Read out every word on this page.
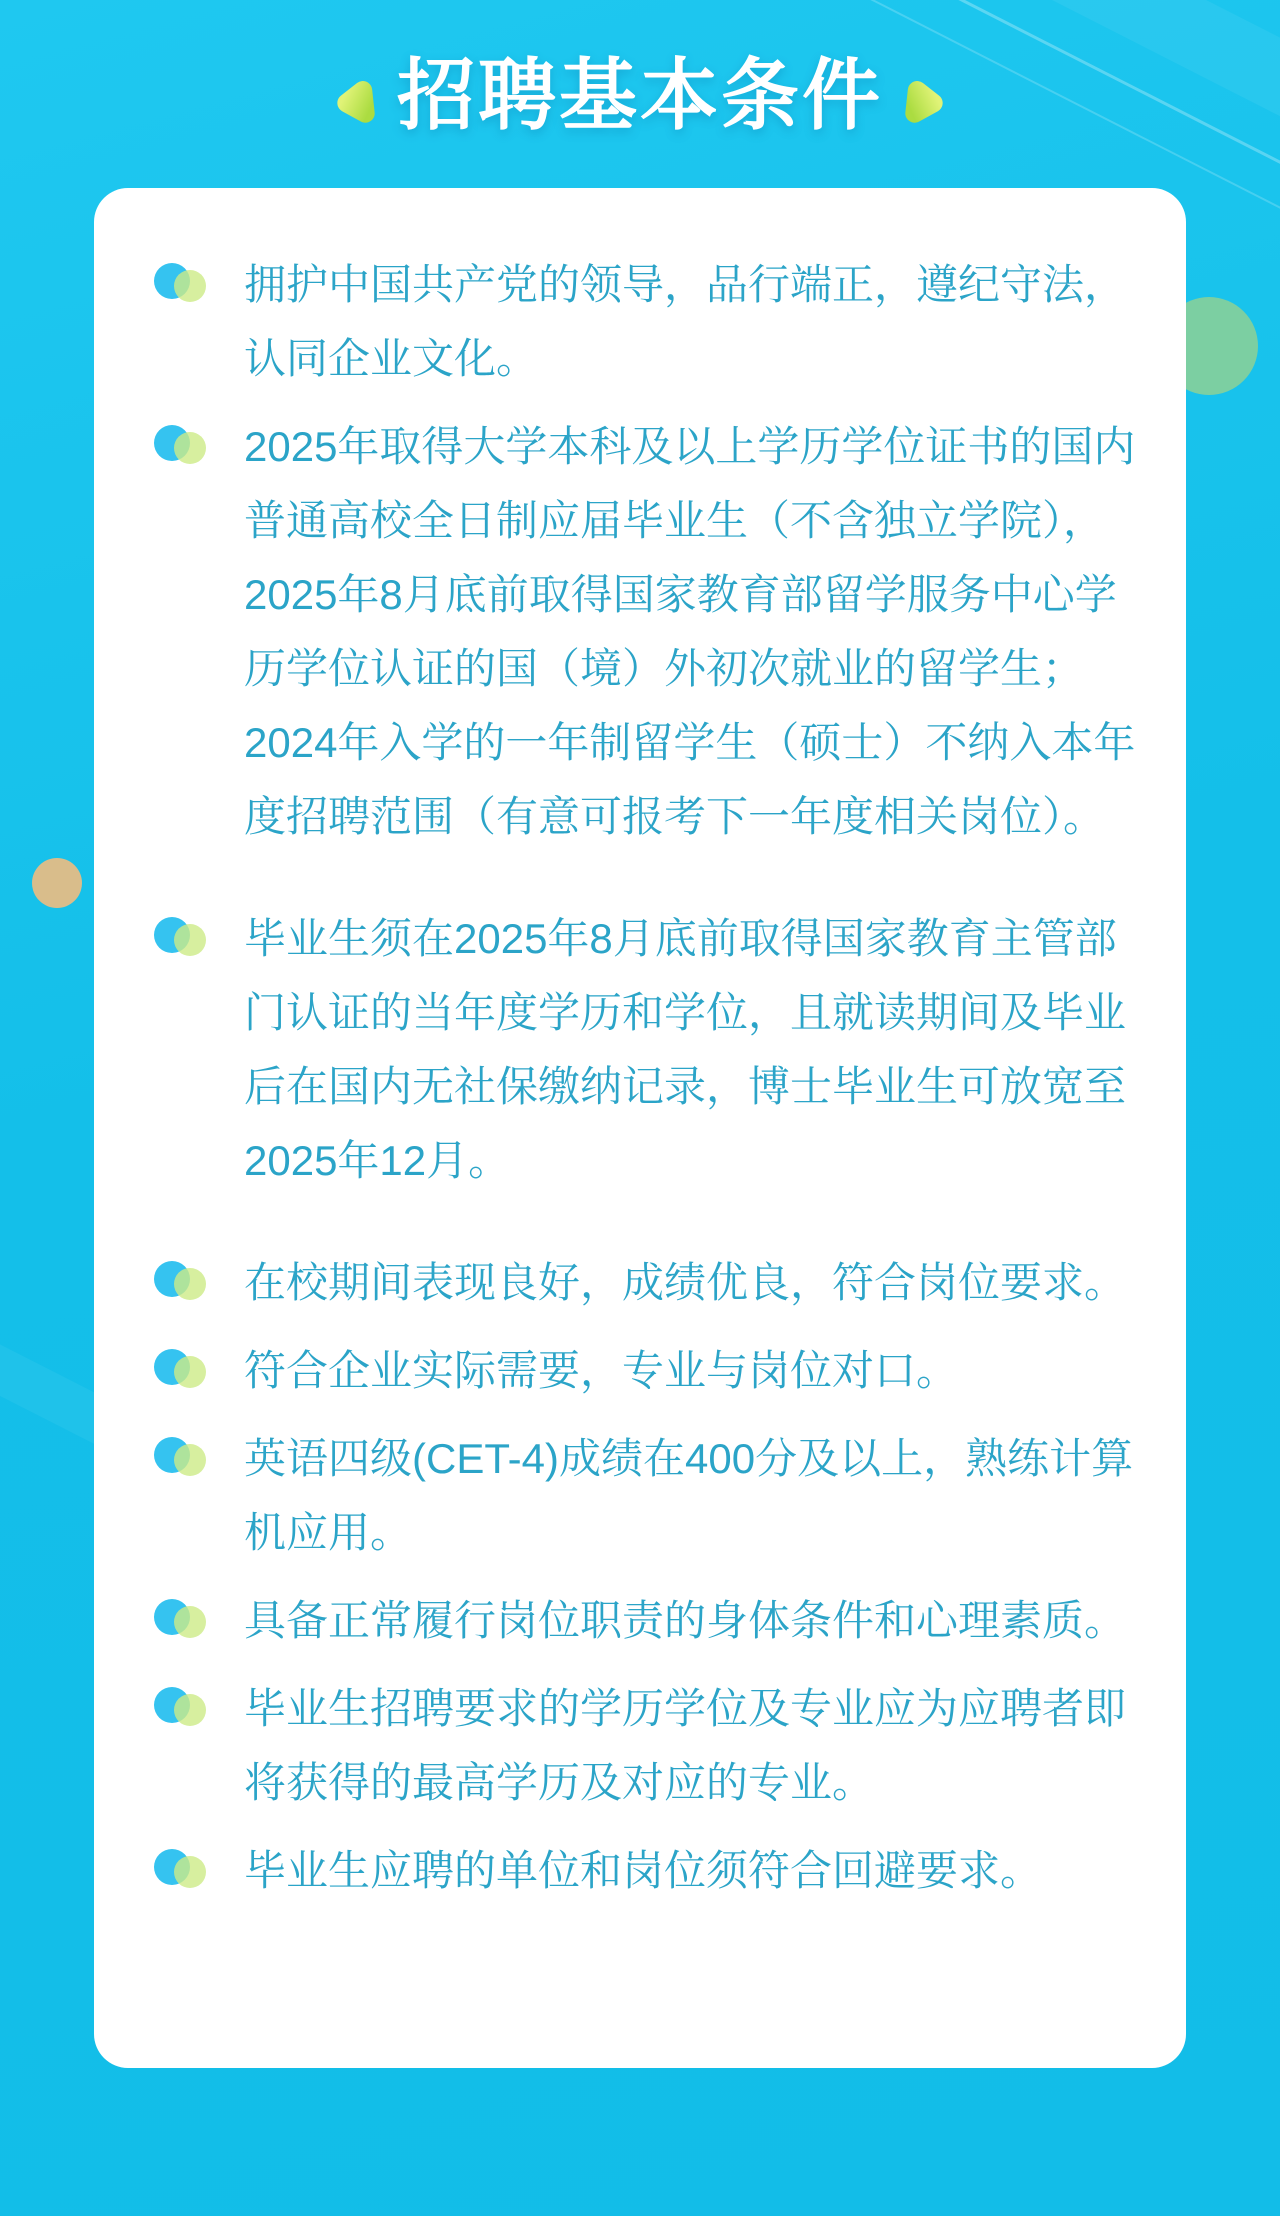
招聘基本条件

拥护中国共产党的领导，品行端正，遵纪守法，认同企业文化。

2025年取得大学本科及以上学历学位证书的国内普通高校全日制应届毕业生（不含独立学院），2025年8月底前取得国家教育部留学服务中心学历学位认证的国（境）外初次就业的留学生；2024年入学的一年制留学生（硕士）不纳入本年度招聘范围（有意可报考下一年度相关岗位）。

毕业生须在2025年8月底前取得国家教育主管部门认证的当年度学历和学位，且就读期间及毕业后在国内无社保缴纳记录，博士毕业生可放宽至2025年12月。

在校期间表现良好，成绩优良，符合岗位要求。

符合企业实际需要，专业与岗位对口。

英语四级(CET-4)成绩在400分及以上，熟练计算机应用。

具备正常履行岗位职责的身体条件和心理素质。

毕业生招聘要求的学历学位及专业应为应聘者即将获得的最高学历及对应的专业。

毕业生应聘的单位和岗位须符合回避要求。
